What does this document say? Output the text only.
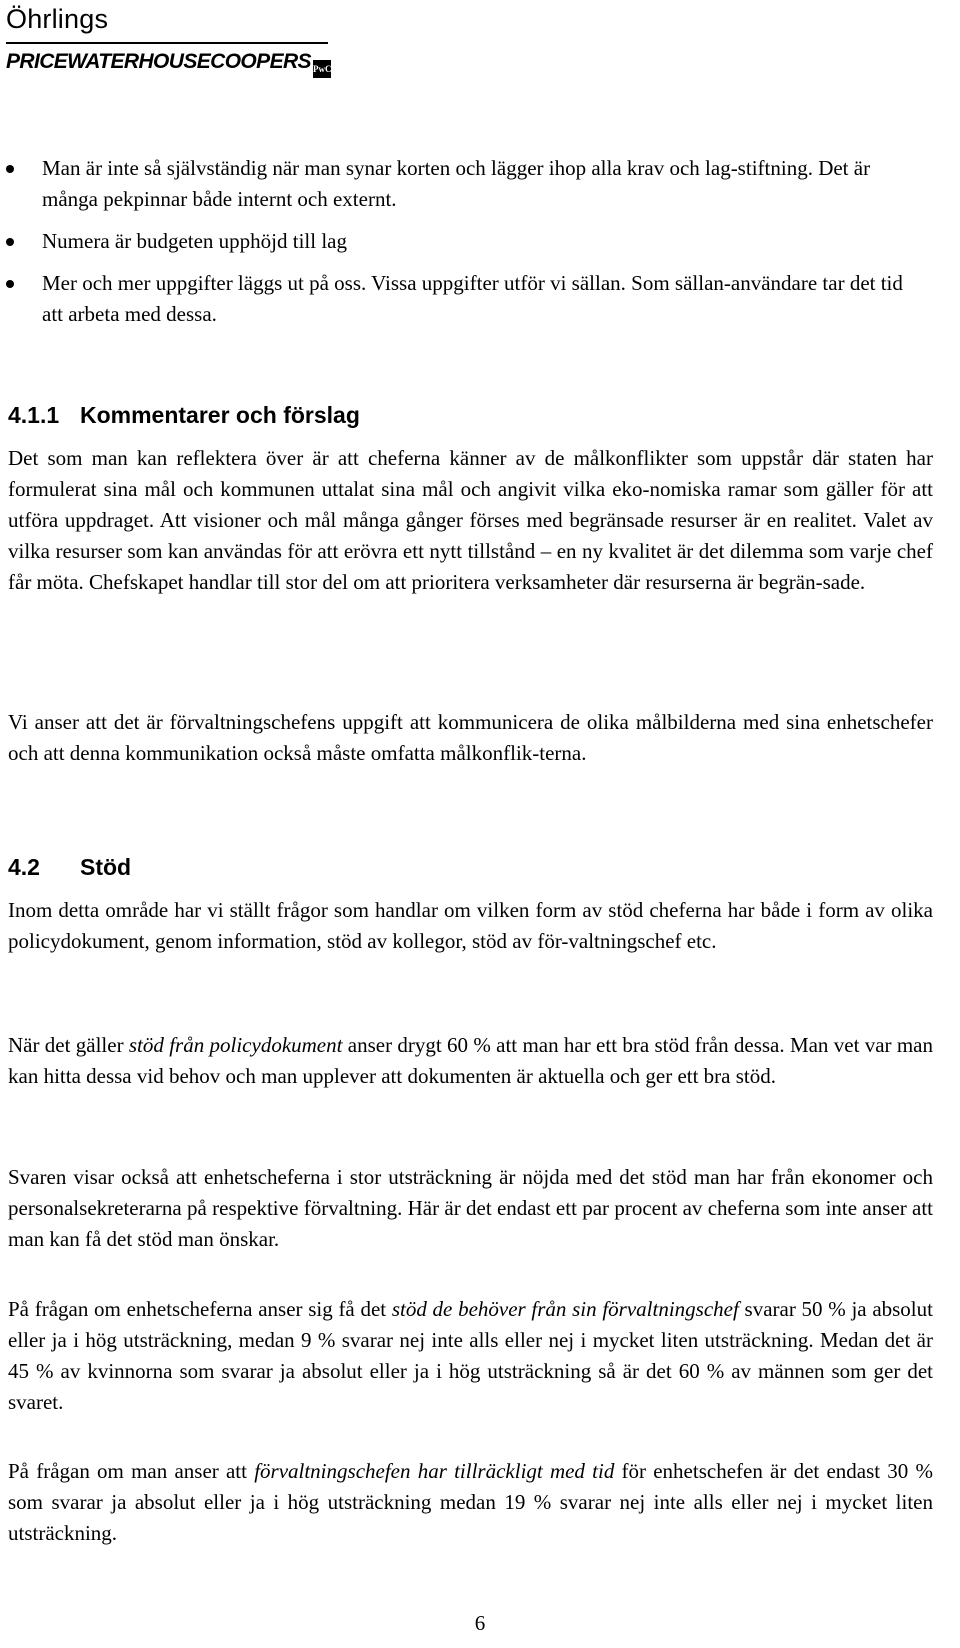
Öhrlings
PRICEWATERHOUSECOOPERS PwC
Man är inte så självständig när man synar korten och lägger ihop alla krav och lag-stiftning. Det är många pekpinnar både internt och externt.
Numera är budgeten upphöjd till lag
Mer och mer uppgifter läggs ut på oss. Vissa uppgifter utför vi sällan. Som sällan-användare tar det tid att arbeta med dessa.
4.1.1 Kommentarer och förslag

Det som man kan reflektera över är att cheferna känner av de målkonflikter som uppstår där staten har formulerat sina mål och kommunen uttalat sina mål och angivit vilka eko-nomiska ramar som gäller för att utföra uppdraget. Att visioner och mål många gånger förses med begränsade resurser är en realitet. Valet av vilka resurser som kan användas för att erövra ett nytt tillstånd – en ny kvalitet är det dilemma som varje chef får möta. Chefskapet handlar till stor del om att prioritera verksamheter där resurserna är begrän-sade.

Vi anser att det är förvaltningschefens uppgift att kommunicera de olika målbilderna med sina enhetschefer och att denna kommunikation också måste omfatta målkonflik-terna.

4.2 Stöd

Inom detta område har vi ställt frågor som handlar om vilken form av stöd cheferna har både i form av olika policydokument, genom information, stöd av kollegor, stöd av för-valtningschef etc.

När det gäller stöd från policydokument anser drygt 60 % att man har ett bra stöd från dessa. Man vet var man kan hitta dessa vid behov och man upplever att dokumenten är aktuella och ger ett bra stöd.

Svaren visar också att enhetscheferna i stor utsträckning är nöjda med det stöd man har från ekonomer och personalsekreterarna på respektive förvaltning. Här är det endast ett par procent av cheferna som inte anser att man kan få det stöd man önskar.

På frågan om enhetscheferna anser sig få det stöd de behöver från sin förvaltningschef svarar 50 % ja absolut eller ja i hög utsträckning, medan 9 % svarar nej inte alls eller nej i mycket liten utsträckning. Medan det är 45 % av kvinnorna som svarar ja absolut eller ja i hög utsträckning så är det 60 % av männen som ger det svaret.

På frågan om man anser att förvaltningschefen har tillräckligt med tid för enhetschefen är det endast 30 % som svarar ja absolut eller ja i hög utsträckning medan 19 % svarar nej inte alls eller nej i mycket liten utsträckning.

6
